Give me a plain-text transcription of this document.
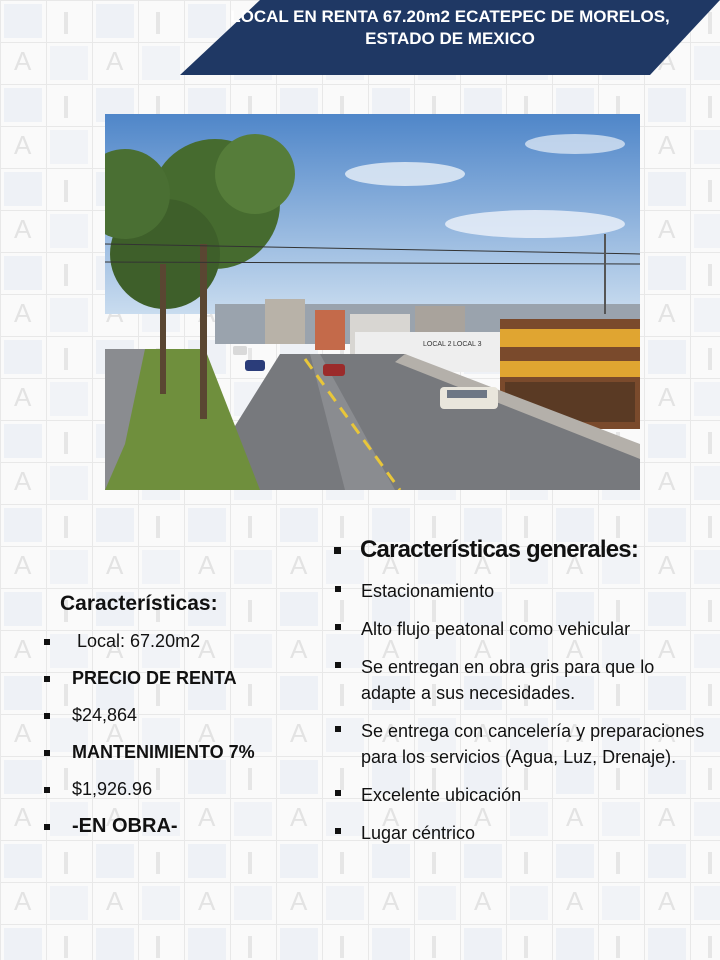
LOCAL EN RENTA 67.20m2 ECATEPEC DE MORELOS, ESTADO DE MEXICO
LOCAL 2 LOCAL 3
Características generales:
Estacionamiento
Alto flujo peatonal como vehicular
Se entregan en obra gris para que lo adapte a sus necesidades.
Se entrega con cancelería y preparaciones para los servicios (Agua, Luz, Drenaje).
Excelente ubicación
Lugar céntrico
Características:
Local: 67.20m2
PRECIO DE RENTA
$24,864
MANTENIMIENTO 7%
$1,926.96
-EN OBRA-
